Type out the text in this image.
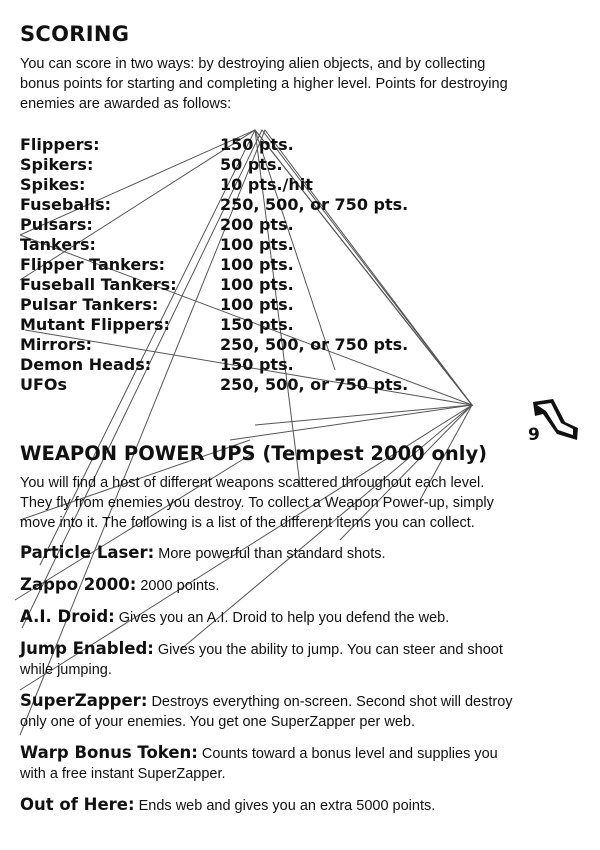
SCORING

You can score in two ways: by destroying alien objects, and by collecting bonus points for starting and completing a higher level. Points for destroying enemies are awarded as follows:

Flippers:	150 pts.
Spikers:	50 pts.
Spikes:	10 pts./hit
Fuseballs:	250, 500, or 750 pts.
Pulsars:	200 pts.
Tankers:	100 pts.
Flipper Tankers:	100 pts.
Fuseball Tankers:	100 pts.
Pulsar Tankers:	100 pts.
Mutant Flippers:	150 pts.
Mirrors:	250, 500, or 750 pts.
Demon Heads:	150 pts.
UFOs	250, 500, or 750 pts.
WEAPON POWER UPS (Tempest 2000 only)

You will find a host of different weapons scattered throughout each level. They fly from enemies you destroy. To collect a Weapon Power-up, simply move into it. The following is a list of the different items you can collect.

Particle Laser: More powerful than standard shots.
Zappo 2000: 2000 points.
A.I. Droid: Gives you an A.I. Droid to help you defend the web.
Jump Enabled: Gives you the ability to jump. You can steer and shoot while jumping.
SuperZapper: Destroys everything on-screen. Second shot will destroy only one of your enemies. You get one SuperZapper per web.
Warp Bonus Token: Counts toward a bonus level and supplies you with a free instant SuperZapper.
Out of Here: Ends web and gives you an extra 5000 points.
9
